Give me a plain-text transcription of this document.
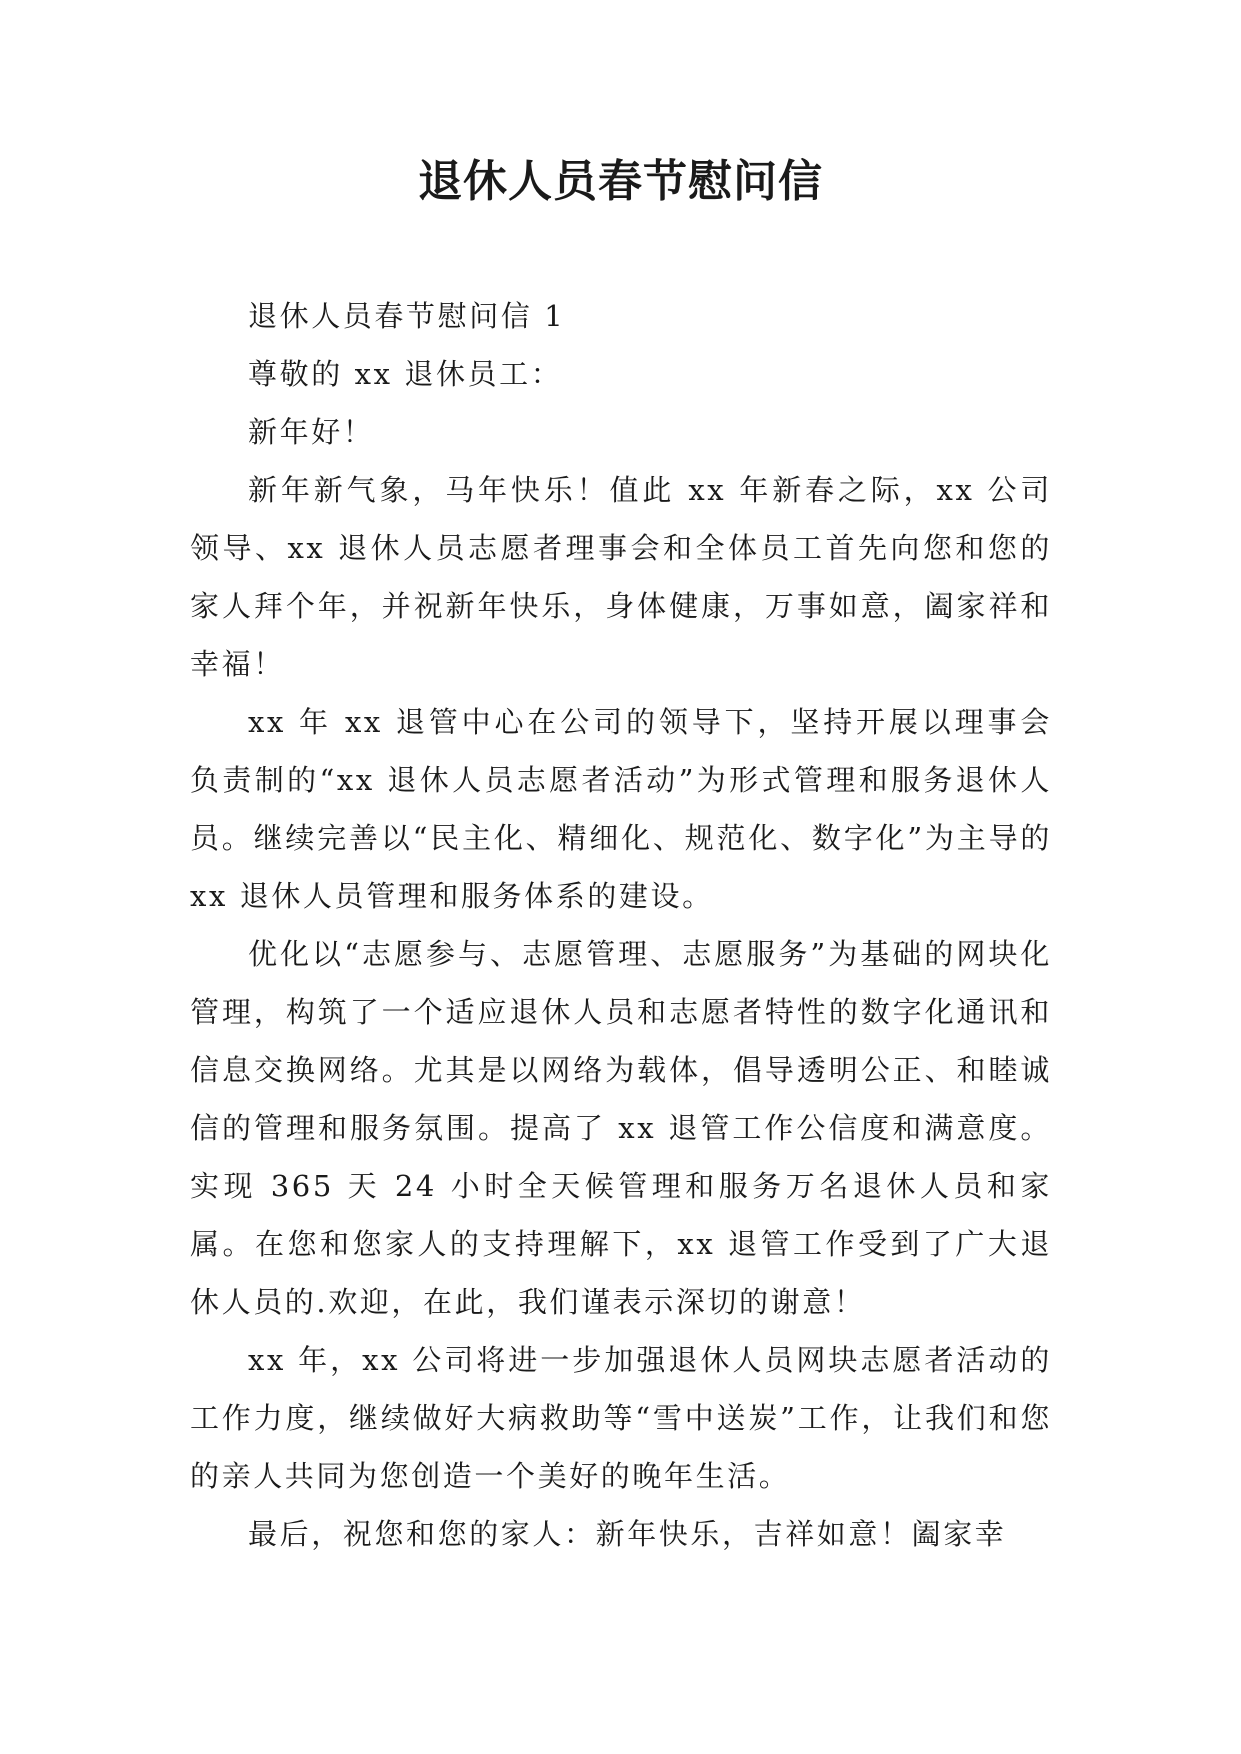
退休人员春节慰问信

退休人员春节慰问信 1

尊敬的 xx 退休员工：

新年好！

新年新气象，马年快乐！值此 xx 年新春之际，xx 公司领导、xx 退休人员志愿者理事会和全体员工首先向您和您的家人拜个年，并祝新年快乐，身体健康，万事如意，阖家祥和幸福！

xx 年 xx 退管中心在公司的领导下，坚持开展以理事会负责制的“xx 退休人员志愿者活动”为形式管理和服务退休人员。继续完善以“民主化、精细化、规范化、数字化”为主导的 xx 退休人员管理和服务体系的建设。

优化以“志愿参与、志愿管理、志愿服务”为基础的网块化管理，构筑了一个适应退休人员和志愿者特性的数字化通讯和信息交换网络。尤其是以网络为载体，倡导透明公正、和睦诚信的管理和服务氛围。提高了 xx 退管工作公信度和满意度。实现 365 天 24 小时全天候管理和服务万名退休人员和家属。在您和您家人的支持理解下，xx 退管工作受到了广大退休人员的.欢迎，在此，我们谨表示深切的谢意！

xx 年，xx 公司将进一步加强退休人员网块志愿者活动的工作力度，继续做好大病救助等“雪中送炭”工作，让我们和您的亲人共同为您创造一个美好的晚年生活。

最后，祝您和您的家人：新年快乐，吉祥如意！阖家幸
